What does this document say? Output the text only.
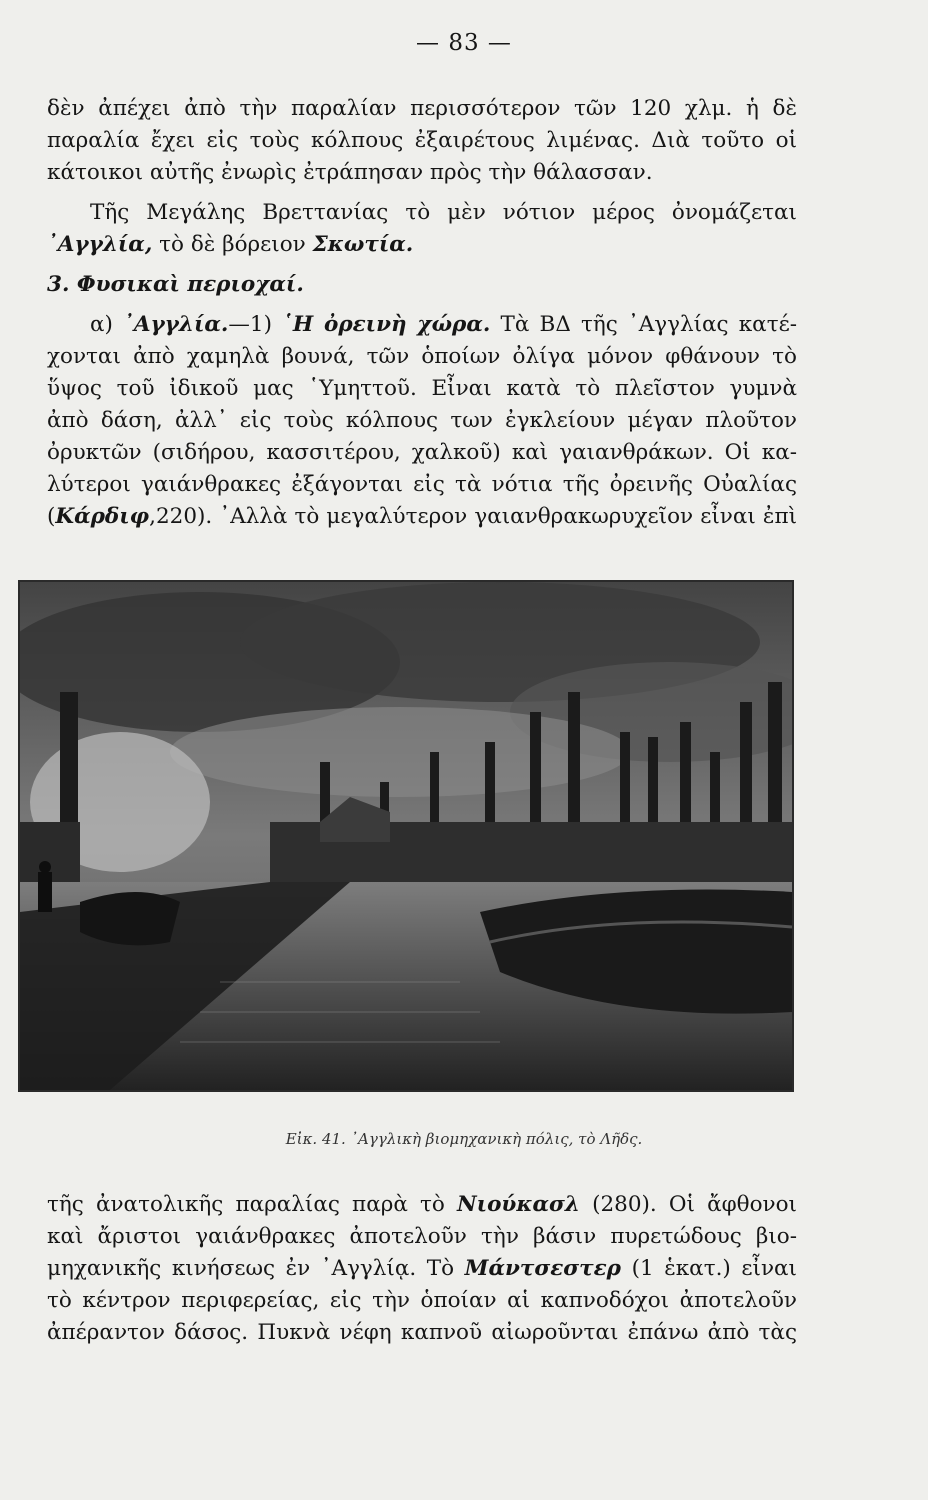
— 83 —
δὲν ἀπέχει ἀπὸ τὴν παραλίαν περισσότερον τῶν 120 χλμ. ἡ δὲ
παραλία ἔχει εἰς τοὺς κόλπους ἐξαιρέτους λιμένας. Διὰ τοῦτο οἱ
κάτοικοι αὐτῆς ἐνωρὶς ἐτράπησαν πρὸς τὴν θάλασσαν.
Τῆς Μεγάλης Βρεττανίας τὸ μὲν νότιον μέρος ὀνομάζεται
᾽Αγγλία, τὸ δὲ βόρειον Σκωτία.
3. Φυσικαὶ περιοχαί.
α) ᾽Αγγλία.—1) ῾Η ὀρεινὴ χώρα. Τὰ ΒΔ τῆς ᾽Αγγλίας κατέ-
χονται ἀπὸ χαμηλὰ βουνά, τῶν ὁποίων ὀλίγα μόνον φθάνουν τὸ
ὕψος τοῦ ἰδικοῦ μας ῾Υμηττοῦ. Εἶναι κατὰ τὸ πλεῖστον γυμνὰ
ἀπὸ δάση, ἀλλ᾽ εἰς τοὺς κόλπους των ἐγκλείουν μέγαν πλοῦτον
ὀρυκτῶν (σιδήρου, κασσιτέρου, χαλκοῦ) καὶ γαιανθράκων. Οἱ κα-
λύτεροι γαιάνθρακες ἐξάγονται εἰς τὰ νότια τῆς ὀρεινῆς Οὐαλίας
(Κάρδιφ,220). ᾽Αλλὰ τὸ μεγαλύτερον γαιανθρακωρυχεῖον εἶναι ἐπὶ
Εἰκ. 41. ᾽Αγγλικὴ βιομηχανικὴ πόλις, τὸ Λῆδς.
τῆς ἀνατολικῆς παραλίας παρὰ τὸ Νιούκασλ (280). Οἱ ἄφθονοι
καὶ ἄριστοι γαιάνθρακες ἀποτελοῦν τὴν βάσιν πυρετώδους βιο-
μηχανικῆς κινήσεως ἐν ᾽Αγγλίᾳ. Τὸ Μάντσεστερ (1 ἑκατ.) εἶναι
τὸ κέντρον περιφερείας, εἰς τὴν ὁποίαν αἱ καπνοδόχοι ἀποτελοῦν
ἀπέραντον δάσος. Πυκνὰ νέφη καπνοῦ αἰωροῦνται ἐπάνω ἀπὸ τὰς
